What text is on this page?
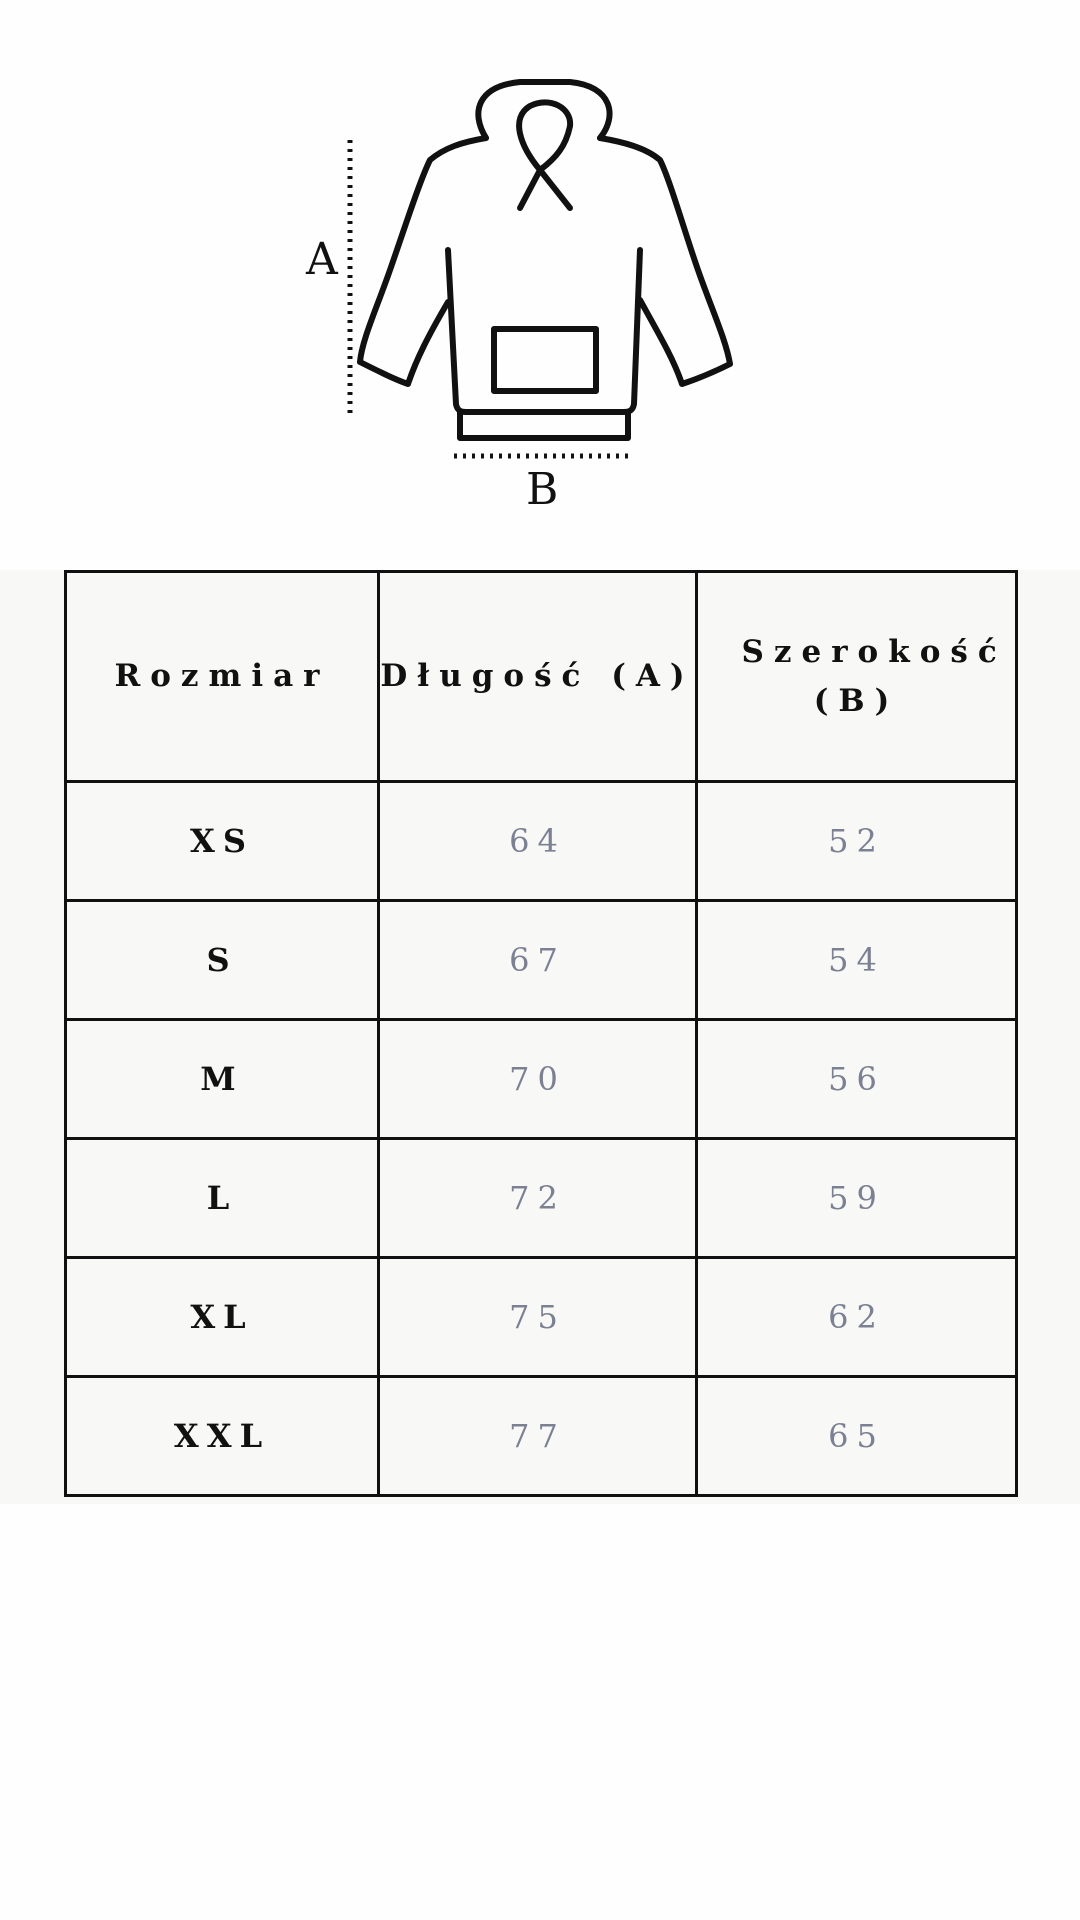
A
B
Rozmiar	Długość (A)	Szerokość (B)
XS	64	52
S	67	54
M	70	56
L	72	59
XL	75	62
XXL	77	65
